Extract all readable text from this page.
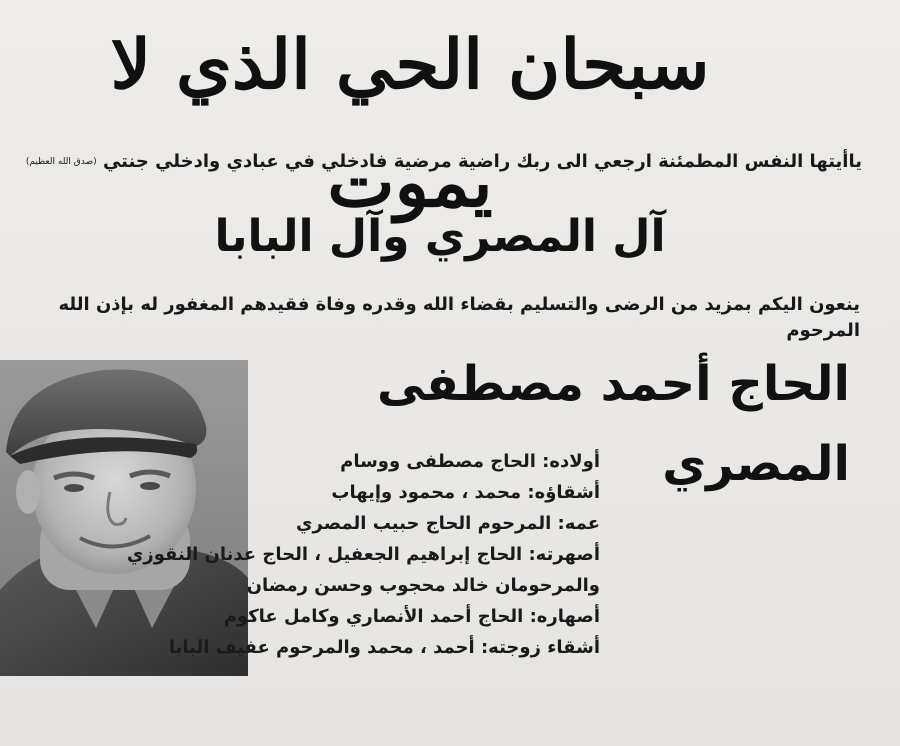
سبحان الحي الذي لا يموت
ياأيتها النفس المطمئنة ارجعي الى ربك راضية مرضية فادخلي في عبادي وادخلي جنتي (صدق الله العظيم)
آل المصري وآل البابا
ينعون اليكم بمزيد من الرضى والتسليم بقضاء الله وقدره وفاة فقيدهم المغفور له بإذن الله المرحوم
الحاج أحمد مصطفى المصري
أولاده: الحاج مصطفى ووسام
أشقاؤه: محمد ، محمود وإيهاب
عمه: المرحوم الحاج حبيب المصري
أصهرته: الحاج إبراهيم الجعفيل ، الحاج عدنان النقوزي
والمرحومان خالد محجوب وحسن رمضان
أصهاره: الحاج أحمد الأنصاري وكامل عاكوم
أشقاء زوجته: أحمد ، محمد والمرحوم عفيف البابا
